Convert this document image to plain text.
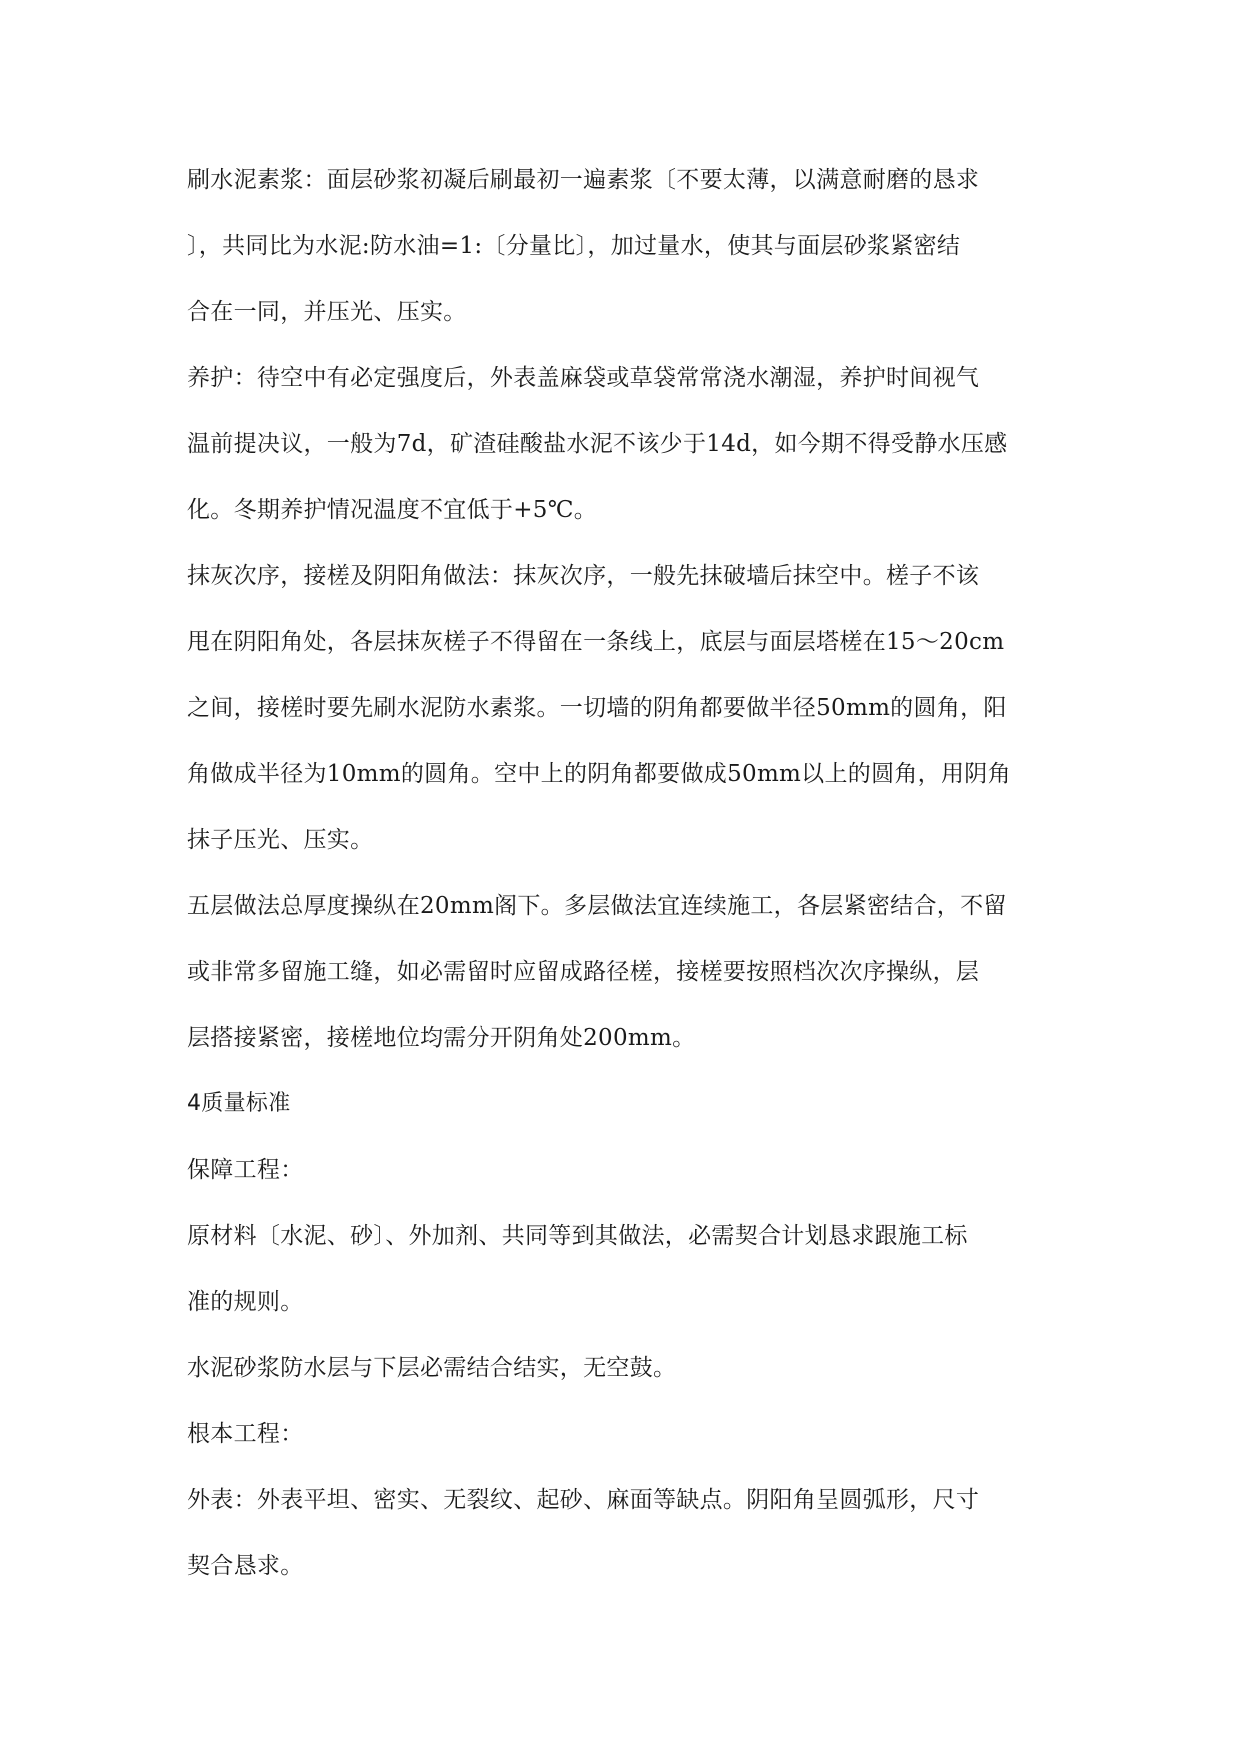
刷水泥素浆：面层砂浆初凝后刷最初一遍素浆〔不要太薄，以满意耐磨的恳求
〕，共同比为水泥:防水油=1:〔分量比〕，加过量水，使其与面层砂浆紧密结
合在一同，并压光、压实。
养护：待空中有必定强度后，外表盖麻袋或草袋常常浇水潮湿，养护时间视气
温前提决议，一般为7d，矿渣硅酸盐水泥不该少于14d，如今期不得受静水压感
化。冬期养护情况温度不宜低于+5℃。
抹灰次序，接槎及阴阳角做法：抹灰次序，一般先抹破墙后抹空中。槎子不该
甩在阴阳角处，各层抹灰槎子不得留在一条线上，底层与面层塔槎在15～20cm
之间，接槎时要先刷水泥防水素浆。一切墙的阴角都要做半径50mm的圆角，阳
角做成半径为10mm的圆角。空中上的阴角都要做成50mm以上的圆角，用阴角
抹子压光、压实。
五层做法总厚度操纵在20mm阁下。多层做法宜连续施工，各层紧密结合，不留
或非常多留施工缝，如必需留时应留成路径槎，接槎要按照档次次序操纵，层
层搭接紧密，接槎地位均需分开阴角处200mm。
4质量标准
保障工程：
原材料〔水泥、砂〕、外加剂、共同等到其做法，必需契合计划恳求跟施工标
准的规则。
水泥砂浆防水层与下层必需结合结实，无空鼓。
根本工程：
外表：外表平坦、密实、无裂纹、起砂、麻面等缺点。阴阳角呈圆弧形，尺寸
契合恳求。
